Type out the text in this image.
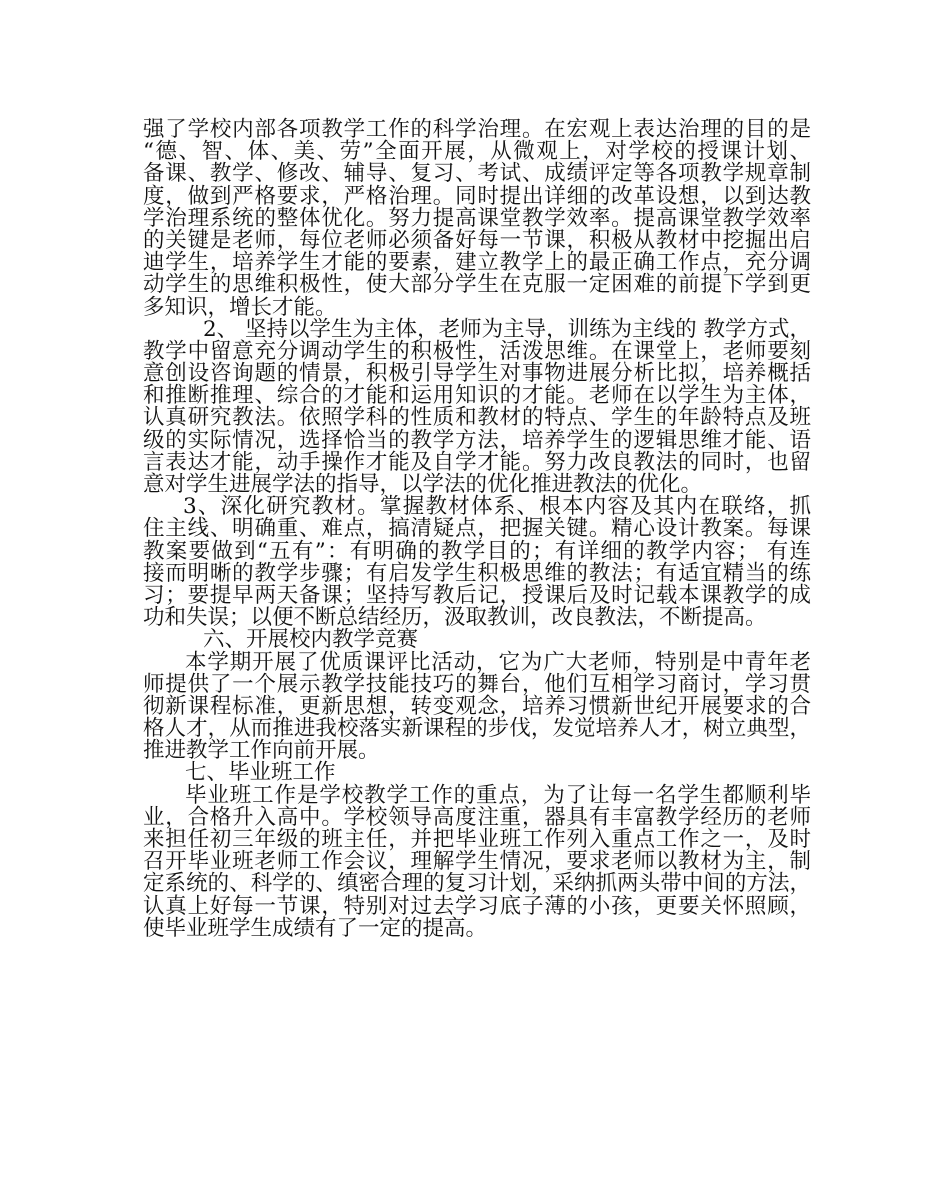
强了学校内部各项教学工作的科学治理。在宏观上表达治理的目的是
“德、智、体、美、劳”全面开展，从微观上，对学校的授课计划、
备课、教学、修改、辅导、复习、考试、成绩评定等各项教学规章制
度，做到严格要求，严格治理。同时提出详细的改革设想，以到达教
学治理系统的整体优化。努力提高课堂教学效率。提高课堂教学效率
的关键是老师，每位老师必须备好每一节课，积极从教材中挖掘出启
迪学生，培养学生才能的要素，建立教学上的最正确工作点，充分调
动学生的思维积极性，使大部分学生在克服一定困难的前提下学到更
多知识，增长才能。
2、 坚持以学生为主体，老师为主导，训练为主线的 教学方式，
教学中留意充分调动学生的积极性，活泼思维。在课堂上，老师要刻
意创设咨询题的情景，积极引导学生对事物进展分析比拟，培养概括
和推断推理、综合的才能和运用知识的才能。老师在以学生为主体，
认真研究教法。依照学科的性质和教材的特点、学生的年龄特点及班
级的实际情况，选择恰当的教学方法，培养学生的逻辑思维才能、语
言表达才能，动手操作才能及自学才能。努力改良教法的同时，也留
意对学生进展学法的指导，以学法的优化推进教法的优化。
3、深化研究教材。掌握教材体系、根本内容及其内在联络，抓
住主线、明确重、难点，搞清疑点，把握关键。精心设计教案。每课
教案要做到“五有”：有明确的教学目的；有详细的教学内容； 有连
接而明晰的教学步骤；有启发学生积极思维的教法；有适宜精当的练
习；要提早两天备课；坚持写教后记，授课后及时记载本课教学的成
功和失误；以便不断总结经历，汲取教训，改良教法，不断提高。
六、开展校内教学竞赛
本学期开展了优质课评比活动，它为广大老师，特别是中青年老
师提供了一个展示教学技能技巧的舞台，他们互相学习商讨，学习贯
彻新课程标准，更新思想，转变观念，培养习惯新世纪开展要求的合
格人才，从而推进我校落实新课程的步伐，发觉培养人才，树立典型，
推进教学工作向前开展。
七、毕业班工作
毕业班工作是学校教学工作的重点，为了让每一名学生都顺利毕
业，合格升入高中。学校领导高度注重，器具有丰富教学经历的老师
来担任初三年级的班主任，并把毕业班工作列入重点工作之一，及时
召开毕业班老师工作会议，理解学生情况，要求老师以教材为主，制
定系统的、科学的、缜密合理的复习计划，采纳抓两头带中间的方法，
认真上好每一节课，特别对过去学习底子薄的小孩，更要关怀照顾，
使毕业班学生成绩有了一定的提高。
